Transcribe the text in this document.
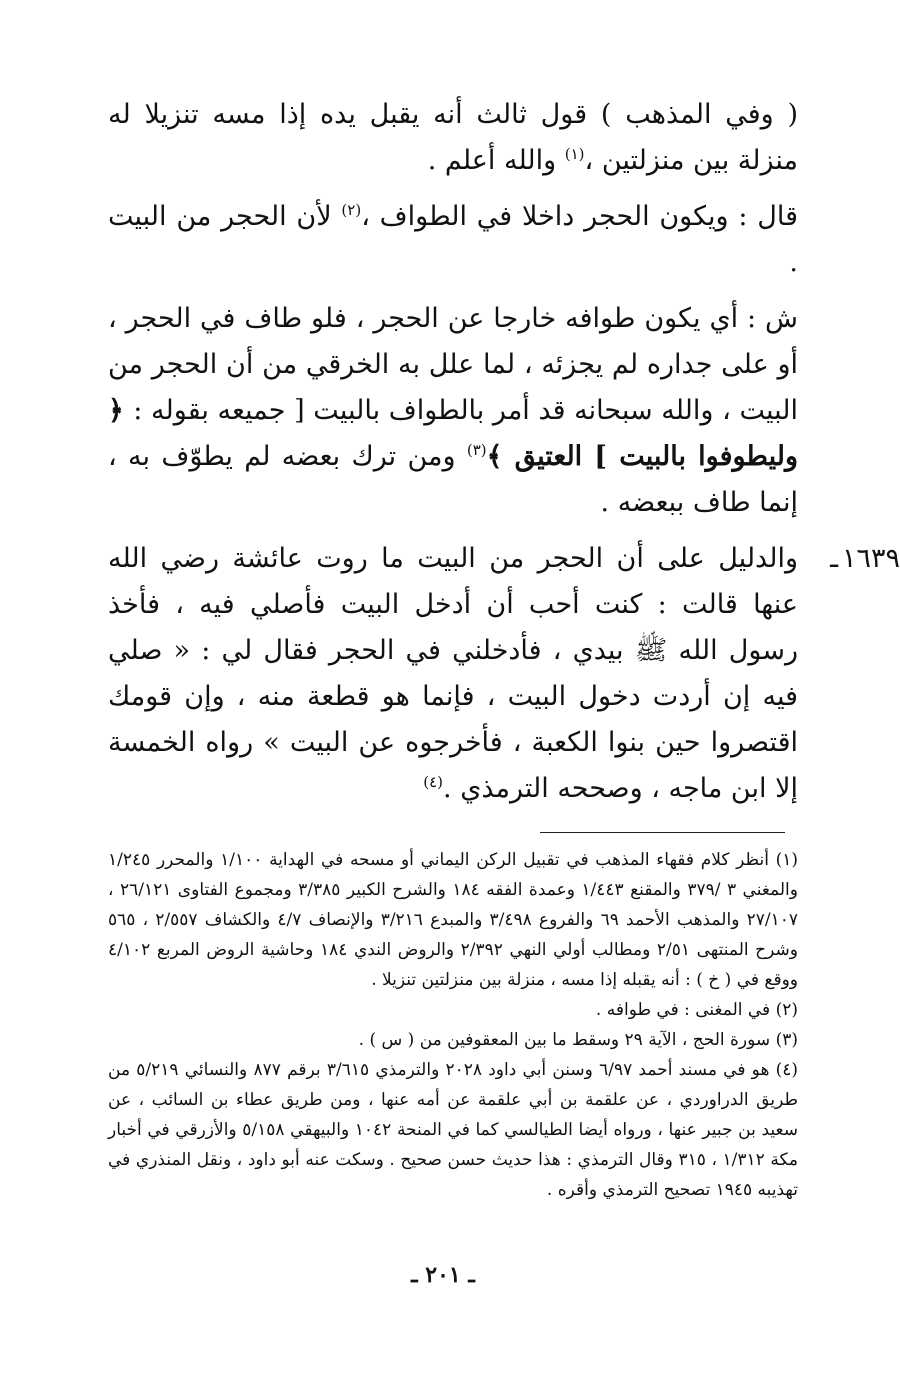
( وفي المذهب ) قول ثالث أنه يقبل يده إذا مسه تنزيلا له منزلة بين منزلتين ،$^{(١)}$ والله أعلم .

قال : ويكون الحجر داخلا في الطواف ،$^{(٢)}$ لأن الحجر من البيت .

ش : أي يكون طوافه خارجا عن الحجر ، فلو طاف في الحجر ، أو على جداره لم يجزئه ، لما علل به الخرقي من أن الحجر من البيت ، والله سبحانه قد أمر بالطواف بالبيت [ جميعه بقوله : ﴿ وليطوفوا بالبيت ] العتيق ﴾$^{(٣)}$ ومن ترك بعضه لم يطوّف به ، إنما طاف ببعضه .

١٦٣٩ـ
والدليل على أن الحجر من البيت ما روت عائشة رضي الله عنها قالت : كنت أحب أن أدخل البيت فأصلي فيه ، فأخذ رسول الله ﷺ بيدي ، فأدخلني في الحجر فقال لي : « صلي فيه إن أردت دخول البيت ، فإنما هو قطعة منه ، وإن قومك اقتصروا حين بنوا الكعبة ، فأخرجوه عن البيت » رواه الخمسة إلا ابن ماجه ، وصححه الترمذي .$^{(٤)}$

(١) أنظر كلام فقهاء المذهب في تقبيل الركن اليماني أو مسحه في الهداية ١/١٠٠ والمحرر ١/٢٤٥ والمغني ٣ /٣٧٩ والمقنع ١/٤٤٣ وعمدة الفقه ١٨٤ والشرح الكبير ٣/٣٨٥ ومجموع الفتاوى ٢٦/١٢١ ، ٢٧/١٠٧ والمذهب الأحمد ٦٩ والفروع ٣/٤٩٨ والمبدع ٣/٢١٦ والإنصاف ٤/٧ والكشاف ٢/٥٥٧ ، ٥٦٥ وشرح المنتهى ٢/٥١ ومطالب أولي النهي ٢/٣٩٢ والروض الندي ١٨٤ وحاشية الروض المربع ٤/١٠٢ ووقع في ( خ ) : أنه يقبله إذا مسه ، منزلة بين منزلتين تنزيلا .

(٢) في المغنى : في طوافه .

(٣) سورة الحج ، الآية ٢٩ وسقط ما بين المعقوفين من ( س ) .

(٤) هو في مسند أحمد ٦/٩٧ وسنن أبي داود ٢٠٢٨ والترمذي ٣/٦١٥ برقم ٨٧٧ والنسائي ٥/٢١٩ من طريق الدراوردي ، عن علقمة بن أبي علقمة عن أمه عنها ، ومن طريق عطاء بن السائب ، عن سعيد بن جبير عنها ، ورواه أيضا الطيالسي كما في المنحة ١٠٤٢ والبيهقي ٥/١٥٨ والأزرقي في أخبار مكة ١/٣١٢ ، ٣١٥ وقال الترمذي : هذا حديث حسن صحيح . وسكت عنه أبو داود ، ونقل المنذري في تهذيبه ١٩٤٥ تصحيح الترمذي وأقره .

ـ ٢٠١ ـ
